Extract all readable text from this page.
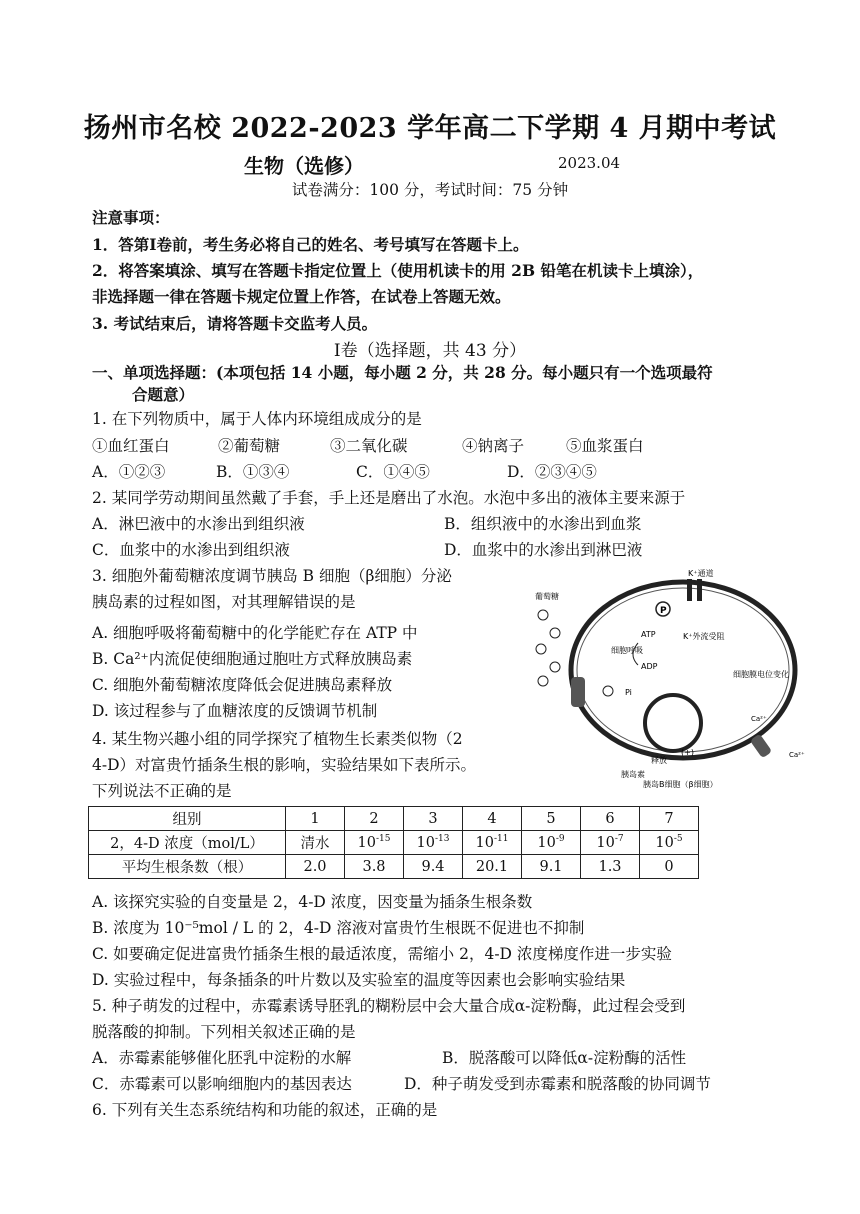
扬州市名校 2022-2023 学年高二下学期 4 月期中考试
生物（选修）	2023.04
试卷满分：100 分，考试时间：75 分钟
注意事项：
1．答第Ⅰ卷前，考生务必将自己的姓名、考号填写在答题卡上。
2．将答案填涂、填写在答题卡指定位置上（使用机读卡的用 2B 铅笔在机读卡上填涂），
非选择题一律在答题卡规定位置上作答，在试卷上答题无效。
3. 考试结束后，请将答题卡交监考人员。
Ⅰ卷（选择题，共 43 分）
一、单项选择题：(本项包括 14 小题，每小题 2 分，共 28 分。每小题只有一个选项最符
合题意）
1. 在下列物质中，属于人体内环境组成成分的是
①血红蛋白	②葡萄糖	③二氧化碳	④钠离子	⑤血浆蛋白
A．①②③	B．①③④	C．①④⑤	D．②③④⑤
2. 某同学劳动期间虽然戴了手套，手上还是磨出了水泡。水泡中多出的液体主要来源于
A．淋巴液中的水渗出到组织液	B．组织液中的水渗出到血浆
C．血浆中的水渗出到组织液	D．血浆中的水渗出到淋巴液
3. 细胞外葡萄糖浓度调节胰岛 B 细胞（β细胞）分泌
胰岛素的过程如图，对其理解错误的是
A. 细胞呼吸将葡萄糖中的化学能贮存在 ATP 中
B. Ca²⁺内流促使细胞通过胞吐方式释放胰岛素
C. 细胞外葡萄糖浓度降低会促进胰岛素释放
D. 该过程参与了血糖浓度的反馈调节机制
P
K⁺通道
葡萄糖
ATP
ADP
Pi
细胞呼吸
K⁺外流受阻
细胞膜电位变化
Ca²⁺
Ca²⁺
释放
(+)
胰岛素
胰岛B细胞（β细胞）
4. 某生物兴趣小组的同学探究了植物生长素类似物（2
4-D）对富贵竹插条生根的影响，实验结果如下表所示。
下列说法不正确的是
组别	1	2	3	4	5	6	7
2，4-D 浓度（mol/L）	清水	$10^{-15}$	$10^{-13}$	$10^{-11}$	$10^{-9}$	$10^{-7}$	$10^{-5}$
平均生根条数（根）	2.0	3.8	9.4	20.1	9.1	1.3	0
A. 该探究实验的自变量是 2，4-D 浓度，因变量为插条生根条数
B. 浓度为 10⁻⁵mol / L 的 2，4-D 溶液对富贵竹生根既不促进也不抑制
C. 如要确定促进富贵竹插条生根的最适浓度，需缩小 2，4-D 浓度梯度作进一步实验
D. 实验过程中，每条插条的叶片数以及实验室的温度等因素也会影响实验结果
5. 种子萌发的过程中，赤霉素诱导胚乳的糊粉层中会大量合成α-淀粉酶，此过程会受到
脱落酸的抑制。下列相关叙述正确的是
A．赤霉素能够催化胚乳中淀粉的水解	B．脱落酸可以降低α-淀粉酶的活性
C．赤霉素可以影响细胞内的基因表达	D．种子萌发受到赤霉素和脱落酸的协同调节
6. 下列有关生态系统结构和功能的叙述，正确的是
